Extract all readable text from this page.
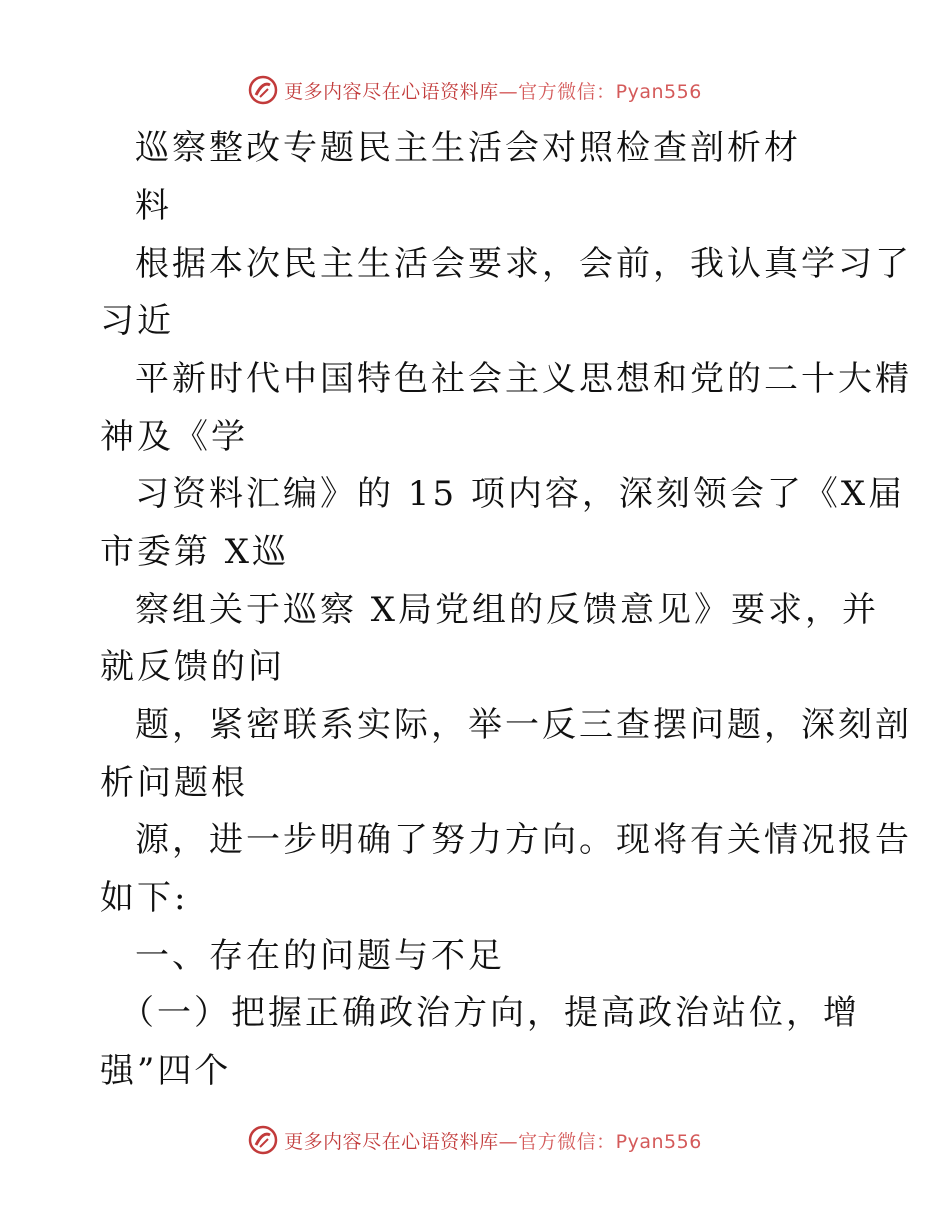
更多内容尽在心语资料库 —官方微信：Pyan556
巡察整改专题民主生活会对照检查剖析材
料
根据本次民主生活会要求，会前，我认真学习了
习近
平新时代中国特色社会主义思想和党的二十大精
神及《学
习资料汇编》的 15 项内容，深刻领会了《X届
市委第 X巡
察组关于巡察 X局党组的反馈意见》要求，并
就反馈的问
题，紧密联系实际，举一反三查摆问题，深刻剖
析问题根
源，进一步明确了努力方向。现将有关情况报告
如下:
一、存在的问题与不足
（一）把握正确政治方向，提高政治站位，增
强”四个
更多内容尽在心语资料库 —官方微信：Pyan556
